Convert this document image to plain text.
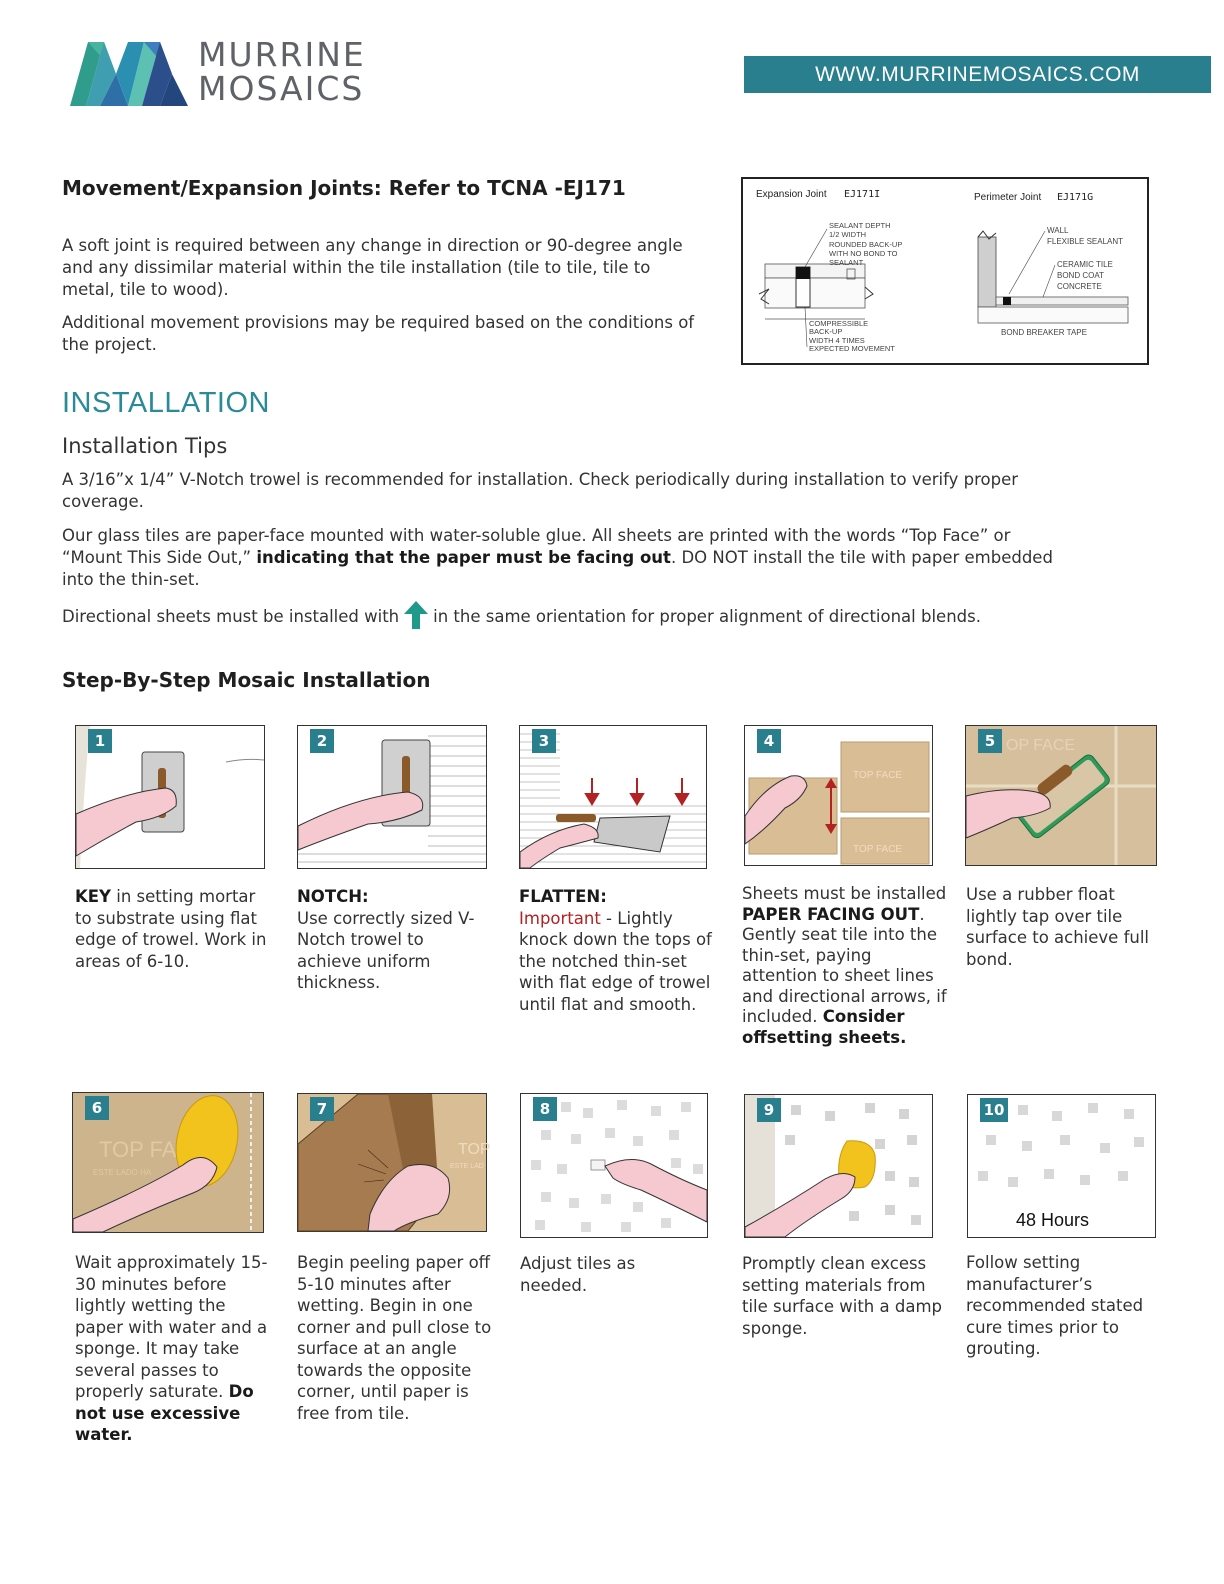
MURRINE
MOSAICS	WWW.MURRINEMOSAICS.COM
Movement/Expansion Joints: Refer to TCNA -EJ171
A soft joint is required between any change in direction or 90-degree angle and any dissimilar material within the tile installation (tile to tile, tile to metal, tile to wood).
Additional movement provisions may be required based on the conditions of the project.
Expansion Joint EJ171I	Perimeter Joint EJ171G
SEALANT DEPTH
1/2 WIDTH
ROUNDED BACK-UP
WITH NO BOND TO
SEALANT
COMPRESSIBLE
BACK-UP
WIDTH 4 TIMES
EXPECTED MOVEMENT
WALL
FLEXIBLE SEALANT
CERAMIC TILE
BOND COAT
CONCRETE
BOND BREAKER TAPE
INSTALLATION
Installation Tips
A 3/16”x 1/4” V-Notch trowel is recommended for installation. Check periodically during installation to verify proper coverage.
Our glass tiles are paper-face mounted with water-soluble glue. All sheets are printed with the words “Top Face” or “Mount This Side Out,” indicating that the paper must be facing out. DO NOT install the tile with paper embedded into the thin-set.
Directional sheets must be installed with in the same orientation for proper alignment of directional blends.
Step-By-Step Mosaic Installation
1	2	3	4
TOP FACE
TOP FACE
5 OP FACE
KEY in setting mortar to substrate using flat edge of trowel. Work in areas of 6-10.
NOTCH:
Use correctly sized V-Notch trowel to achieve uniform thickness.
FLATTEN:
Important - Lightly knock down the tops of the notched thin-set with flat edge of trowel until flat and smooth.
Sheets must be installed PAPER FACING OUT. Gently seat tile into the thin-set, paying attention to sheet lines and directional arrows, if included. Consider offsetting sheets.
Use a rubber float lightly tap over tile surface to achieve full bond.
6
TOP FA
ESTE LADO HA
7
TOP
ESTE LAD
8	9	10
48 Hours
Wait approximately 15-30 minutes before lightly wetting the paper with water and a sponge. It may take several passes to properly saturate. Do not use excessive water.
Begin peeling paper off 5-10 minutes after wetting. Begin in one corner and pull close to surface at an angle towards the opposite corner, until paper is free from tile.
Adjust tiles as needed.
Promptly clean excess setting materials from tile surface with a damp sponge.
Follow setting manufacturer’s recommended stated cure times prior to grouting.
